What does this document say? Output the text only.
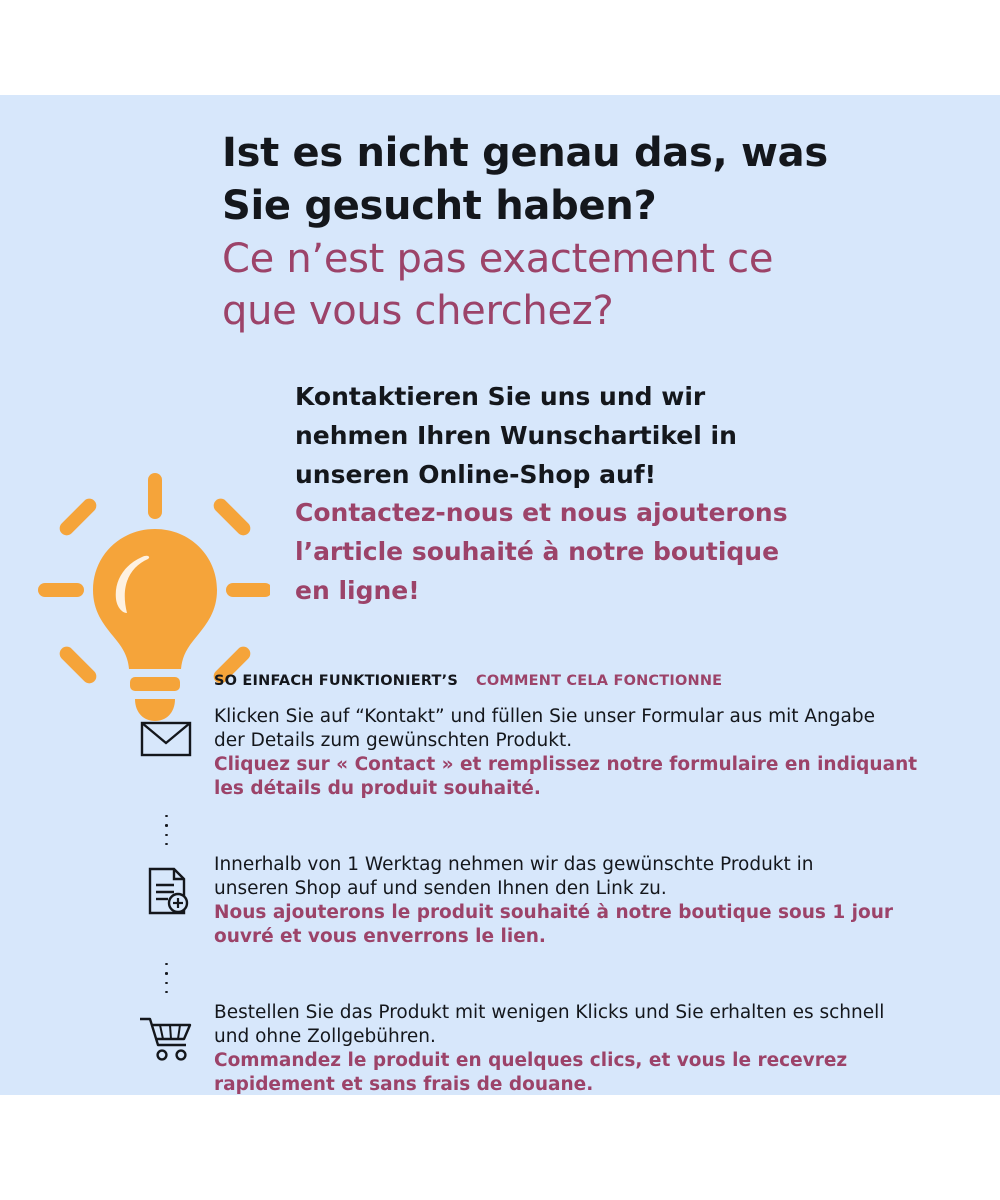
Ist es nicht genau das, was

Sie gesucht haben?

Ce n’est pas exactement ce

que vous cherchez?

Kontaktieren Sie uns und wir

nehmen Ihren Wunschartikel in

unseren Online-Shop auf!

Contactez-nous et nous ajouterons

l’article souhaité à notre boutique

en ligne!

SO EINFACH FUNKTIONIERT’S COMMENT CELA FONCTIONNE

Klicken Sie auf “Kontakt” und füllen Sie unser Formular aus mit Angabe

der Details zum gewünschten Produkt.

Cliquez sur « Contact » et remplissez notre formulaire en indiquant

les détails du produit souhaité.

Innerhalb von 1 Werktag nehmen wir das gewünschte Produkt in

unseren Shop auf und senden Ihnen den Link zu.

Nous ajouterons le produit souhaité à notre boutique sous 1 jour

ouvré et vous enverrons le lien.

Bestellen Sie das Produkt mit wenigen Klicks und Sie erhalten es schnell

und ohne Zollgebühren.

Commandez le produit en quelques clics, et vous le recevrez

rapidement et sans frais de douane.
